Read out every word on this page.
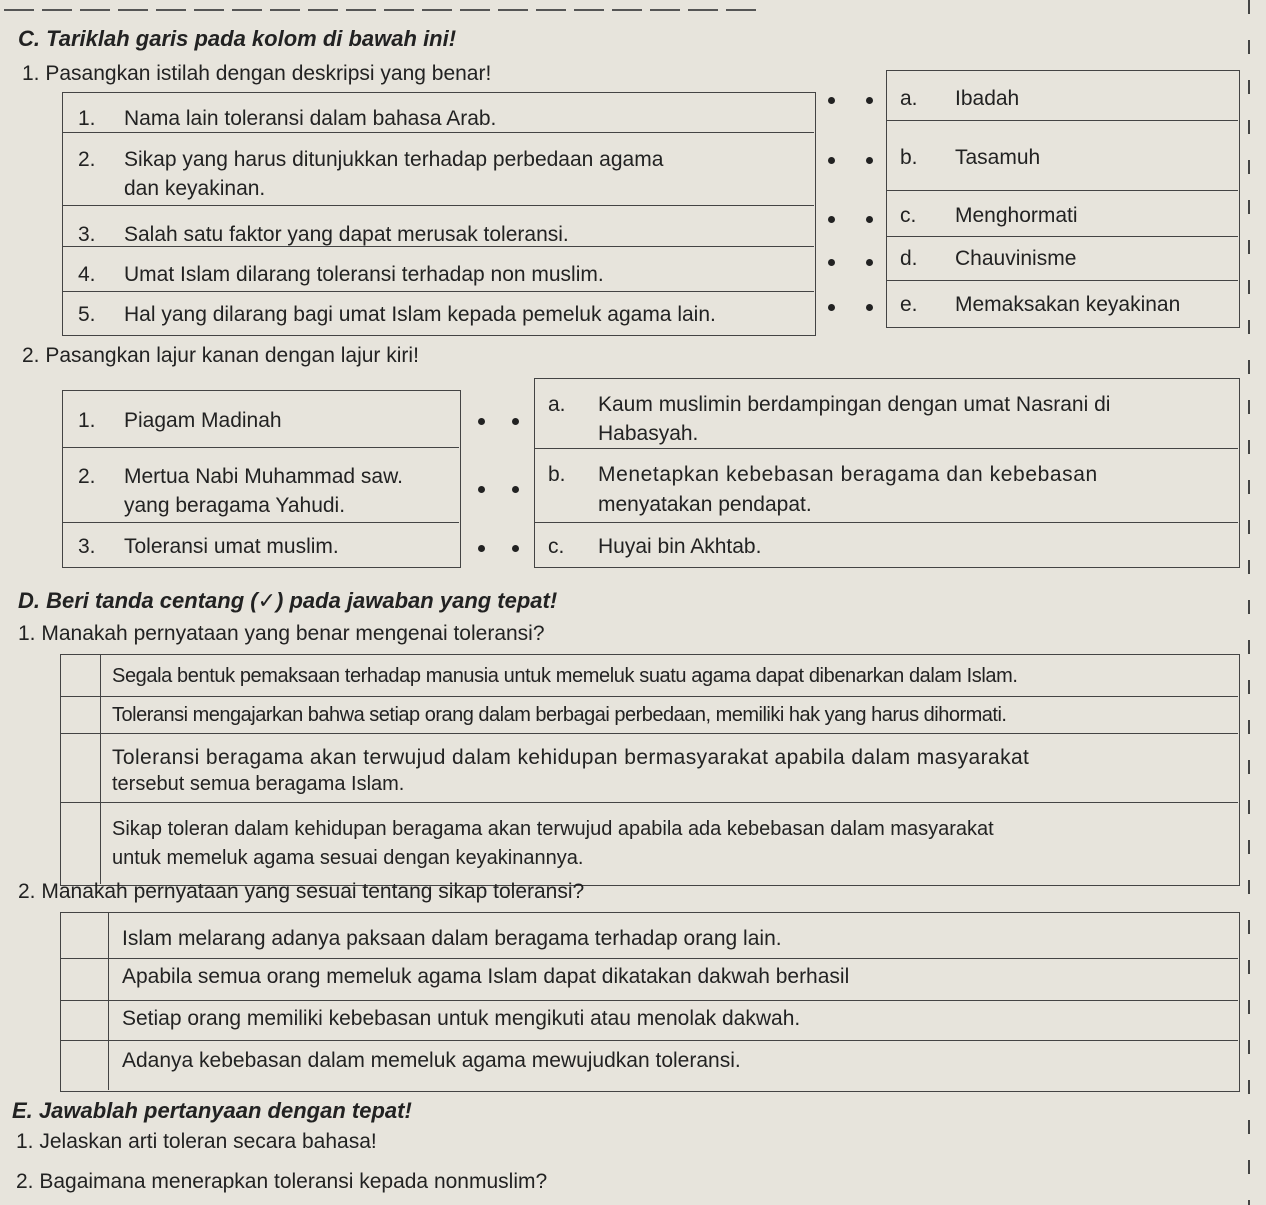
C. Tariklah garis pada kolom di bawah ini!
1. Pasangkan istilah dengan deskripsi yang benar!
1. Nama lain toleransi dalam bahasa Arab.
2. Sikap yang harus ditunjukkan terhadap perbedaan agama
dan keyakinan.
3. Salah satu faktor yang dapat merusak toleransi.
4. Umat Islam dilarang toleransi terhadap non muslim.
5. Hal yang dilarang bagi umat Islam kepada pemeluk agama lain.
a. Ibadah
b. Tasamuh
c. Menghormati
d. Chauvinisme
e. Memaksakan keyakinan
2. Pasangkan lajur kanan dengan lajur kiri!
1. Piagam Madinah
2. Mertua Nabi Muhammad saw.
yang beragama Yahudi.
3. Toleransi umat muslim.
a. Kaum muslimin berdampingan dengan umat Nasrani di
Habasyah.
b. Menetapkan kebebasan beragama dan kebebasan
menyatakan pendapat.
c. Huyai bin Akhtab.
D. Beri tanda centang (✓) pada jawaban yang tepat!
1. Manakah pernyataan yang benar mengenai toleransi?
Segala bentuk pemaksaan terhadap manusia untuk memeluk suatu agama dapat dibenarkan dalam Islam.
Toleransi mengajarkan bahwa setiap orang dalam berbagai perbedaan, memiliki hak yang harus dihormati.
Toleransi beragama akan terwujud dalam kehidupan bermasyarakat apabila dalam masyarakat
tersebut semua beragama Islam.
Sikap toleran dalam kehidupan beragama akan terwujud apabila ada kebebasan dalam masyarakat
untuk memeluk agama sesuai dengan keyakinannya.
2. Manakah pernyataan yang sesuai tentang sikap toleransi?
Islam melarang adanya paksaan dalam beragama terhadap orang lain.
Apabila semua orang memeluk agama Islam dapat dikatakan dakwah berhasil
Setiap orang memiliki kebebasan untuk mengikuti atau menolak dakwah.
Adanya kebebasan dalam memeluk agama mewujudkan toleransi.
E. Jawablah pertanyaan dengan tepat!
1. Jelaskan arti toleran secara bahasa!
2. Bagaimana menerapkan toleransi kepada nonmuslim?
